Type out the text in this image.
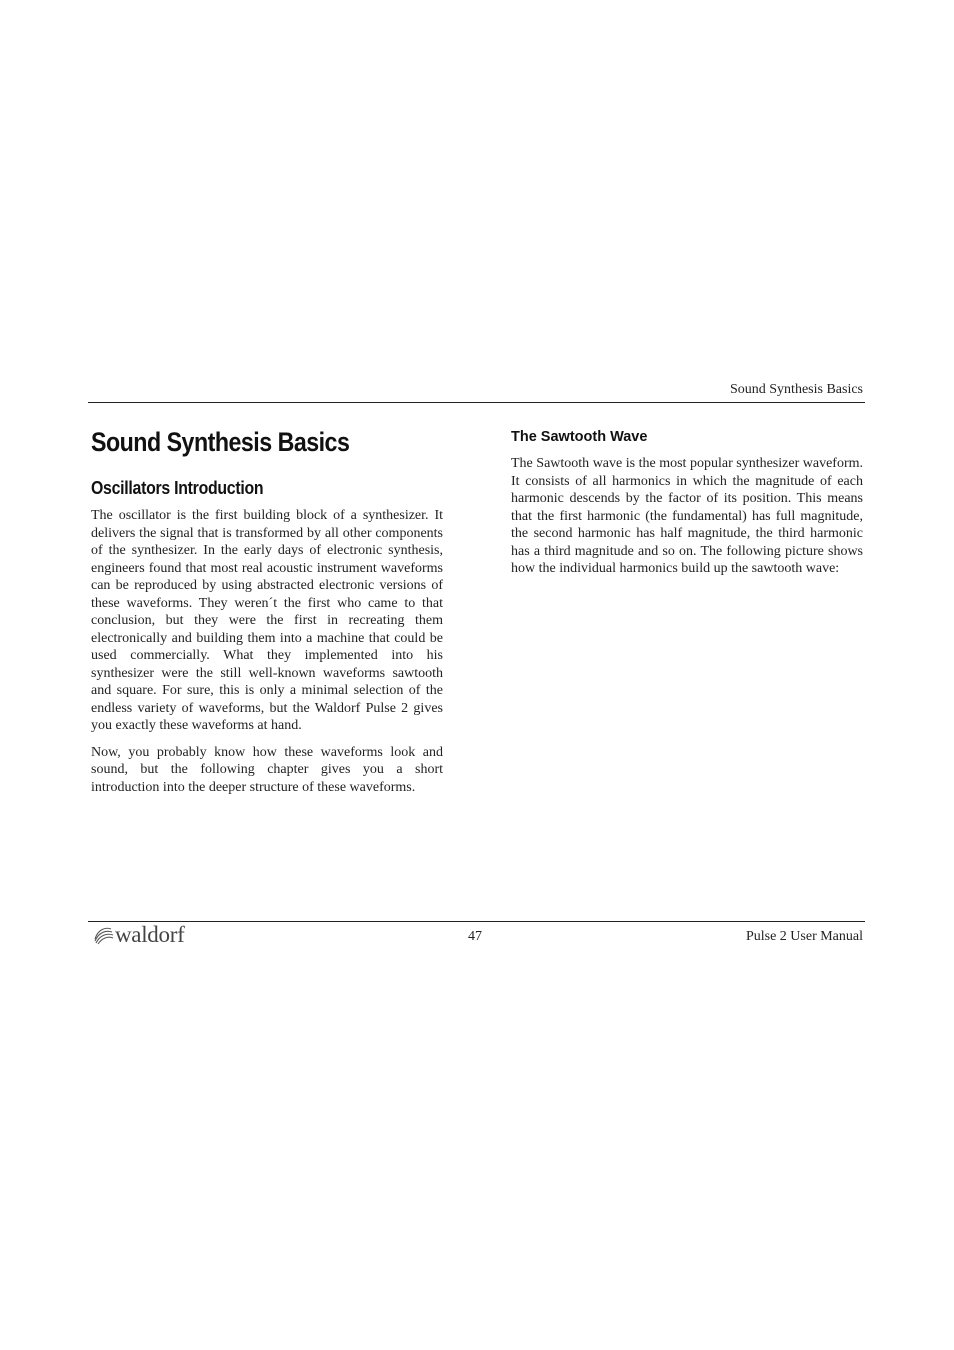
Sound Synthesis Basics
Sound Synthesis Basics
Oscillators Introduction

The oscillator is the first building block of a synthesizer. It delivers the signal that is transformed by all other components of the synthesizer. In the early days of electronic synthesis, engineers found that most real acoustic instrument waveforms can be reproduced by using abstracted electronic versions of these waveforms. They weren´t the first who came to that conclusion, but they were the first in recreating them electronically and building them into a machine that could be used commercially. What they implemented into his synthesizer were the still well-known waveforms sawtooth and square. For sure, this is only a minimal selection of the endless variety of waveforms, but the Waldorf Pulse 2 gives you exactly these waveforms at hand.

Now, you probably know how these waveforms look and sound, but the following chapter gives you a short introduction into the deeper structure of these waveforms.

The Sawtooth Wave

The Sawtooth wave is the most popular synthesizer waveform. It consists of all harmonics in which the magnitude of each harmonic descends by the factor of its position. This means that the first harmonic (the fundamental) has full magnitude, the second harmonic has half magnitude, the third harmonic has a third magnitude and so on. The following picture shows how the individual harmonics build up the sawtooth wave:

waldorf	47	Pulse 2 User Manual
